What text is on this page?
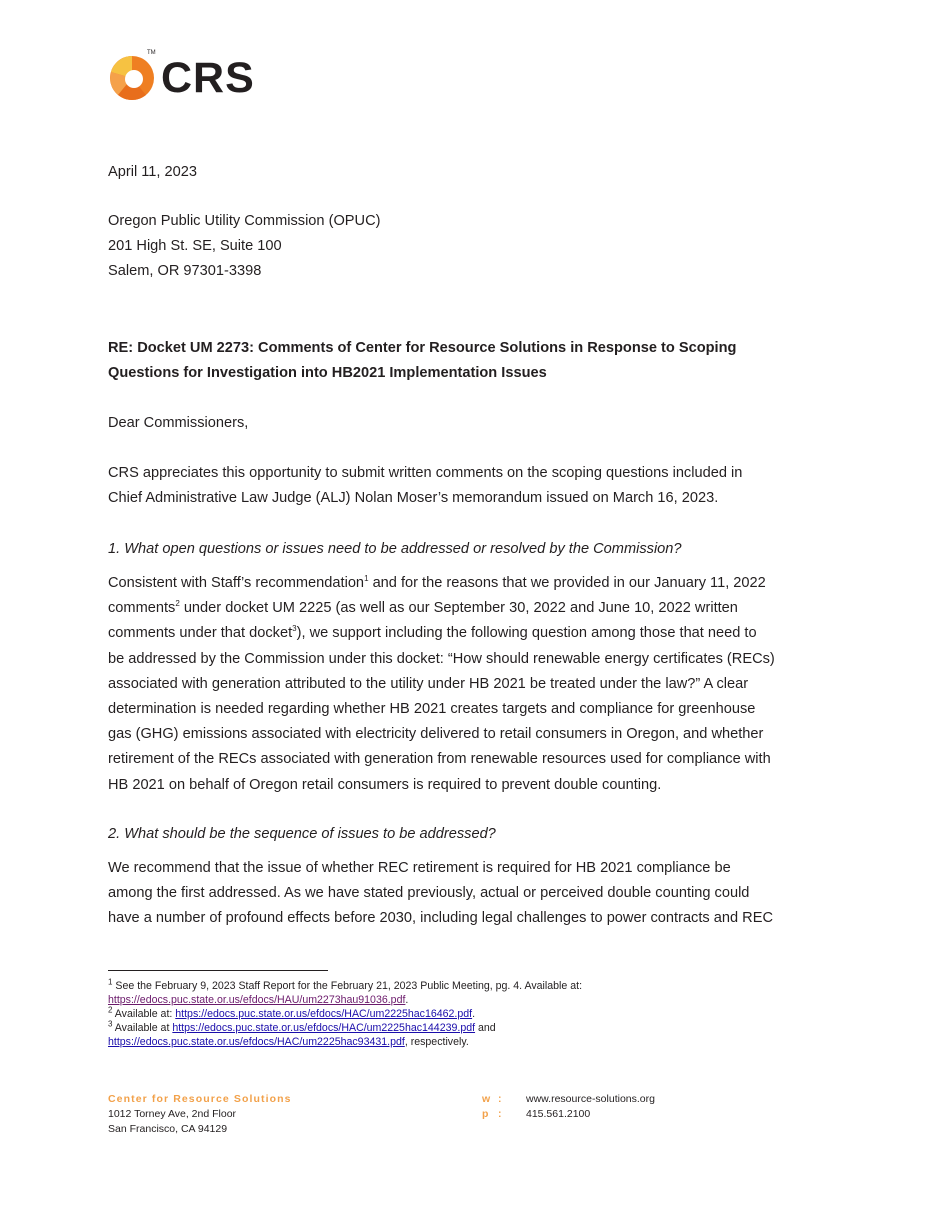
TM
CRS
April 11, 2023
Oregon Public Utility Commission (OPUC)
201 High St. SE, Suite 100
Salem, OR 97301-3398
RE: Docket UM 2273: Comments of Center for Resource Solutions in Response to Scoping
Questions for Investigation into HB2021 Implementation Issues
Dear Commissioners,
CRS appreciates this opportunity to submit written comments on the scoping questions included in
Chief Administrative Law Judge (ALJ) Nolan Moser’s memorandum issued on March 16, 2023.
1. What open questions or issues need to be addressed or resolved by the Commission?
Consistent with Staff’s recommendation$^1$ and for the reasons that we provided in our January 11, 2022
comments$^2$ under docket UM 2225 (as well as our September 30, 2022 and June 10, 2022 written
comments under that docket$^3$), we support including the following question among those that need to
be addressed by the Commission under this docket: “How should renewable energy certificates (RECs)
associated with generation attributed to the utility under HB 2021 be treated under the law?” A clear
determination is needed regarding whether HB 2021 creates targets and compliance for greenhouse
gas (GHG) emissions associated with electricity delivered to retail consumers in Oregon, and whether
retirement of the RECs associated with generation from renewable resources used for compliance with
HB 2021 on behalf of Oregon retail consumers is required to prevent double counting.
2. What should be the sequence of issues to be addressed?
We recommend that the issue of whether REC retirement is required for HB 2021 compliance be
among the first addressed. As we have stated previously, actual or perceived double counting could
have a number of profound effects before 2030, including legal challenges to power contracts and REC
$^1$ See the February 9, 2023 Staff Report for the February 21, 2023 Public Meeting, pg. 4. Available at:
https://edocs.puc.state.or.us/efdocs/HAU/um2273hau91036.pdf.
$^2$ Available at: https://edocs.puc.state.or.us/efdocs/HAC/um2225hac16462.pdf.
$^3$ Available at https://edocs.puc.state.or.us/efdocs/HAC/um2225hac144239.pdf and
https://edocs.puc.state.or.us/efdocs/HAC/um2225hac93431.pdf, respectively.
Center for Resource Solutions
1012 Torney Ave, 2nd Floor
San Francisco, CA 94129
w :	www.resource-solutions.org
p :	415.561.2100
